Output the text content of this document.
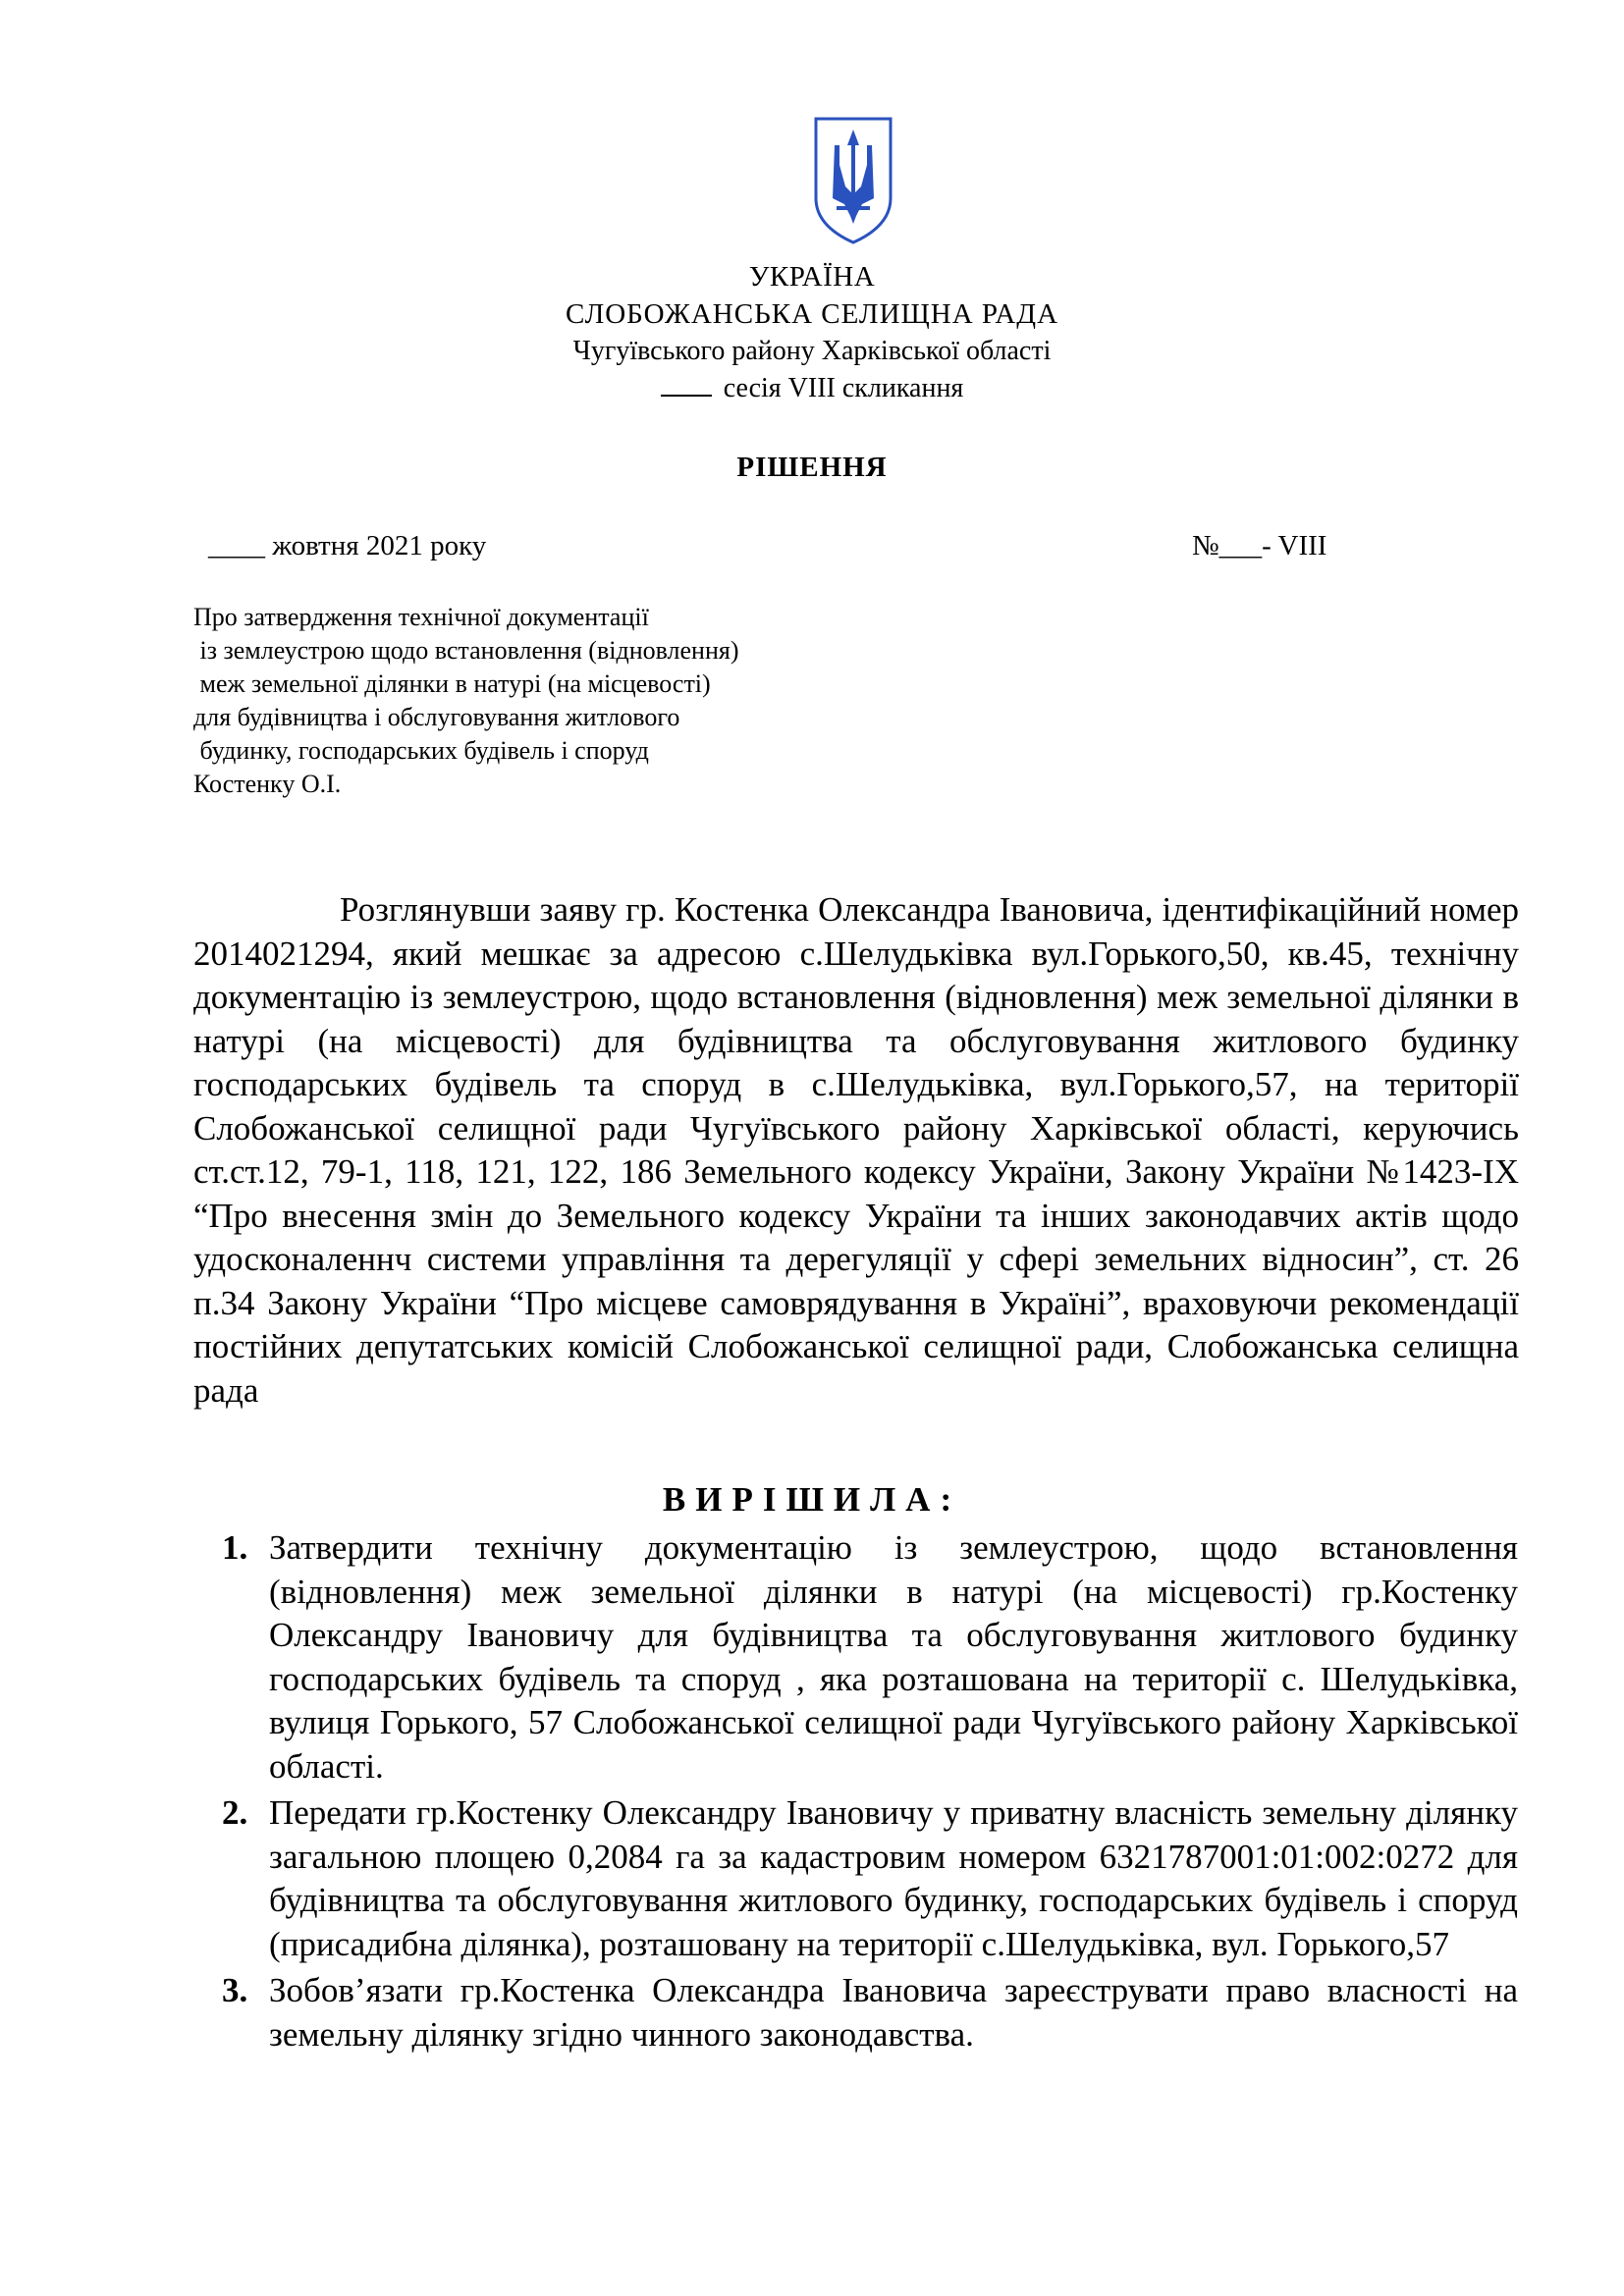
УКРАЇНА
СЛОБОЖАНСЬКА СЕЛИЩНА РАДА
Чугуївського району Харківської області
сесія VIII скликання
РІШЕННЯ
____ жовтня 2021 року	№___- VIII
Про затвердження технічної документації
із землеустрою щодо встановлення (відновлення)
меж земельної ділянки в натурі (на місцевості)
для будівництва і обслуговування житлового
будинку, господарських будівель і споруд
Костенку О.І.
Розглянувши заяву гр. Костенка Олександра Івановича, ідентифікаційний номер 2014021294, який мешкає за адресою с.Шелудьківка вул.Горького,50, кв.45, технічну документацію із землеустрою, щодо встановлення (відновлення) меж земельної ділянки в натурі (на місцевості) для будівництва та обслуговування житлового будинку господарських будівель та споруд в с.Шелудьківка, вул.Горького,57, на території Слобожанської селищної ради Чугуївського району Харківської області, керуючись ст.ст.12, 79-1, 118, 121, 122, 186 Земельного кодексу України, Закону України №1423-ІХ “Про внесення змін до Земельного кодексу України та інших законодавчих актів щодо удосконаленнч системи управління та дерегуляції у сфері земельних відносин”, ст. 26 п.34 Закону України “Про місцеве самоврядування в Україні”, враховуючи рекомендації постійних депутатських комісій Слобожанської селищної ради, Слобожанська селищна рада
ВИРІШИЛА:
1. Затвердити технічну документацію із землеустрою, щодо встановлення (відновлення) меж земельної ділянки в натурі (на місцевості) гр.Костенку Олександру Івановичу для будівництва та обслуговування житлового будинку господарських будівель та споруд , яка розташована на території с. Шелудьківка, вулиця Горького, 57 Слобожанської селищної ради Чугуївського району Харківської області.
2. Передати гр.Костенку Олександру Івановичу у приватну власність земельну ділянку загальною площею 0,2084 га за кадастровим номером 6321787001:01:002:0272 для будівництва та обслуговування житлового будинку, господарських будівель і споруд (присадибна ділянка), розташовану на території с.Шелудьківка, вул. Горького,57
3. Зобов’язати гр.Костенка Олександра Івановича зареєструвати право власності на земельну ділянку згідно чинного законодавства.
